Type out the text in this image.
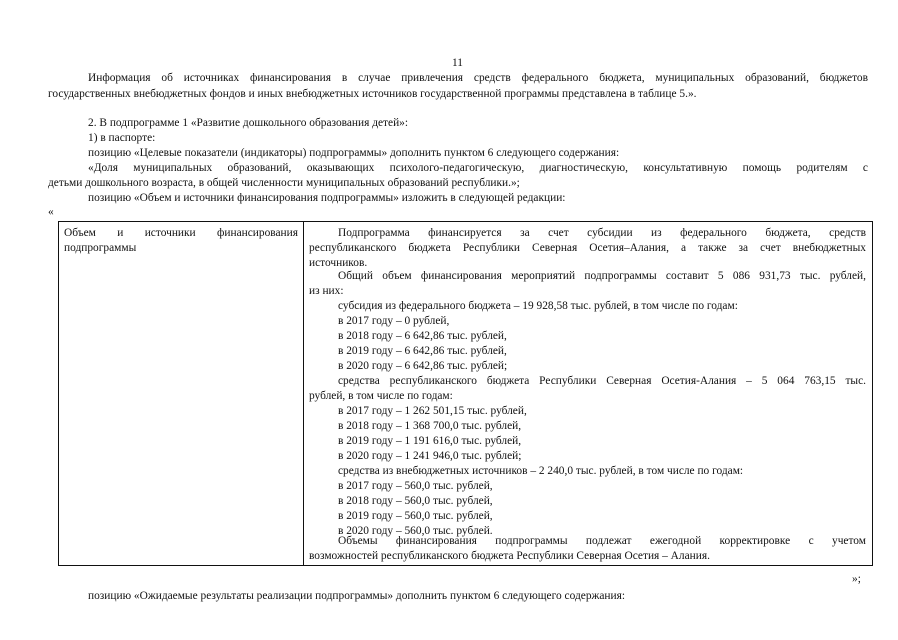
11
Информация об источниках финансирования в случае привлечения средств федерального бюджета, муниципальных образований, бюджетов
государственных внебюджетных фондов и иных внебюджетных источников государственной программы представлена в таблице 5.».
2. В подпрограмме 1 «Развитие дошкольного образования детей»:
1) в паспорте:
позицию «Целевые показатели (индикаторы) подпрограммы» дополнить пунктом 6 следующего содержания:
«Доля муниципальных образований, оказывающих психолого-педагогическую, диагностическую, консультативную помощь родителям с
детьми дошкольного возраста, в общей численности муниципальных образований республики.»;
позицию «Объем и источники финансирования подпрограммы» изложить в следующей редакции:
«
Объем и источники финансирования
подпрограммы
Подпрограмма финансируется за счет субсидии из федерального бюджета, средств
республиканского бюджета Республики Северная Осетия–Алания, а также за счет внебюджетных
источников.
Общий объем финансирования мероприятий подпрограммы составит 5 086 931,73 тыс. рублей,
из них:
субсидия из федерального бюджета – 19 928,58 тыс. рублей, в том числе по годам:
в 2017 году – 0 рублей,
в 2018 году – 6 642,86 тыс. рублей,
в 2019 году – 6 642,86 тыс. рублей,
в 2020 году – 6 642,86 тыс. рублей;
средства республиканского бюджета Республики Северная Осетия-Алания – 5 064 763,15 тыс.
рублей, в том числе по годам:
в 2017 году – 1 262 501,15 тыс. рублей,
в 2018 году – 1 368 700,0 тыс. рублей,
в 2019 году – 1 191 616,0 тыс. рублей,
в 2020 году – 1 241 946,0 тыс. рублей;
средства из внебюджетных источников – 2 240,0 тыс. рублей, в том числе по годам:
в 2017 году – 560,0 тыс. рублей,
в 2018 году – 560,0 тыс. рублей,
в 2019 году – 560,0 тыс. рублей,
в 2020 году – 560,0 тыс. рублей.
Объемы финансирования подпрограммы подлежат ежегодной корректировке с учетом
возможностей республиканского бюджета Республики Северная Осетия – Алания.
»;
позицию «Ожидаемые результаты реализации подпрограммы» дополнить пунктом 6 следующего содержания:
